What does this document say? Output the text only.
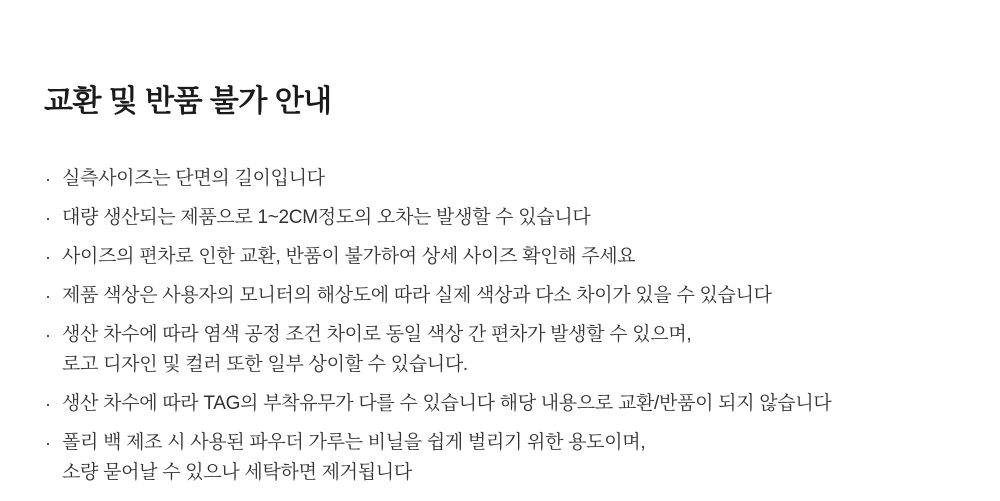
교환 및 반품 불가 안내
· 실측사이즈는 단면의 길이입니다
· 대량 생산되는 제품으로 1~2CM정도의 오차는 발생할 수 있습니다
· 사이즈의 편차로 인한 교환, 반품이 불가하여 상세 사이즈 확인해 주세요
· 제품 색상은 사용자의 모니터의 해상도에 따라 실제 색상과 다소 차이가 있을 수 있습니다
· 생산 차수에 따라 염색 공정 조건 차이로 동일 색상 간 편차가 발생할 수 있으며,
로고 디자인 및 컬러 또한 일부 상이할 수 있습니다.
· 생산 차수에 따라 TAG의 부착유무가 다를 수 있습니다 해당 내용으로 교환/반품이 되지 않습니다
· 폴리 백 제조 시 사용된 파우더 가루는 비닐을 쉽게 벌리기 위한 용도이며,
소량 묻어날 수 있으나 세탁하면 제거됩니다
